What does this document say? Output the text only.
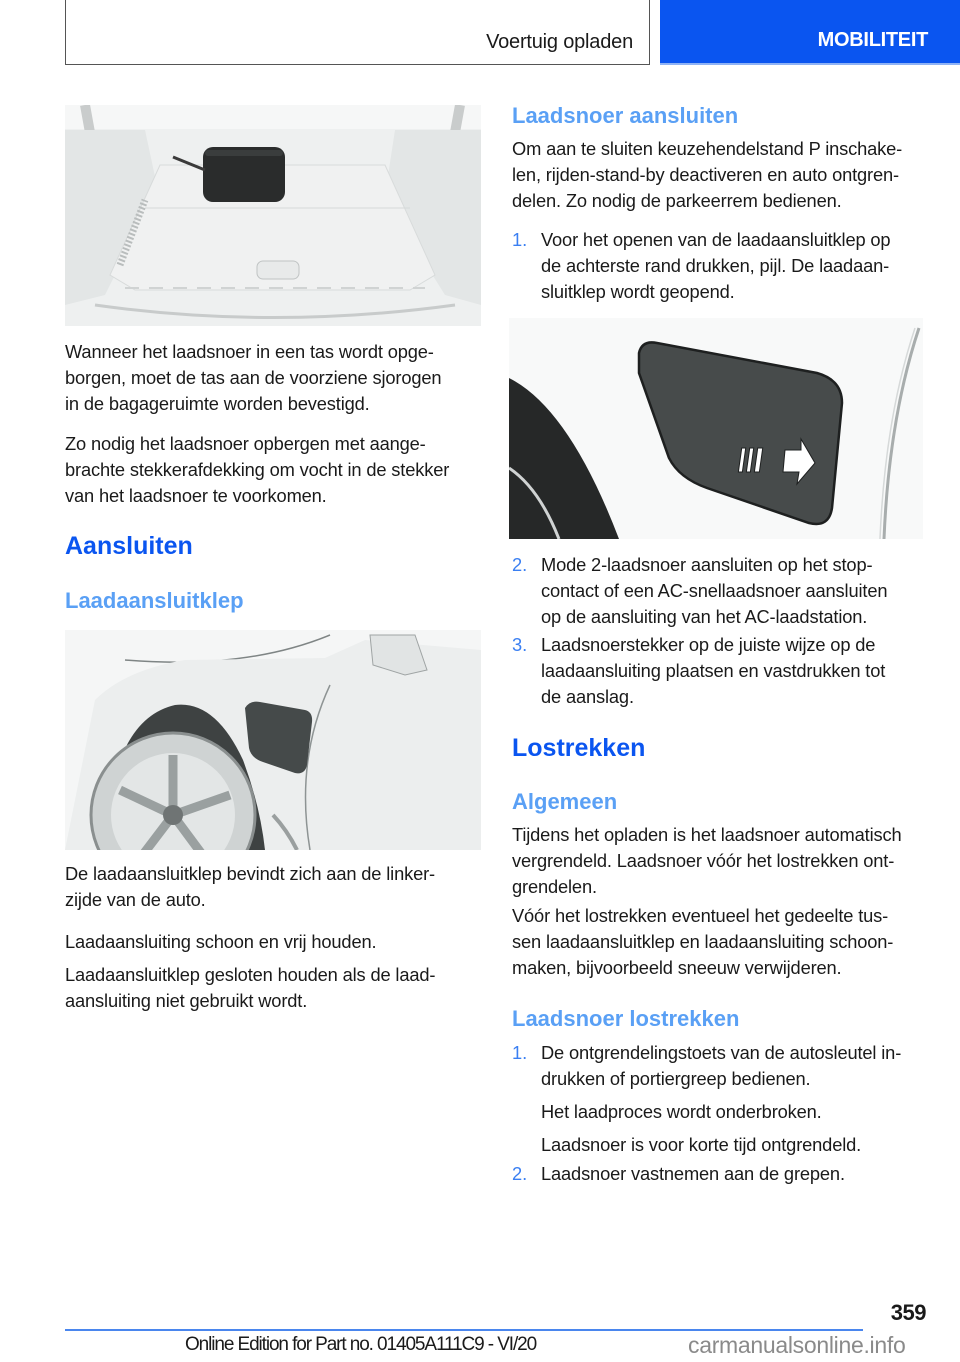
Voertuig opladen	MOBILITEIT
Wanneer het laadsnoer in een tas wordt opge-
borgen, moet de tas aan de voorziene sjorogen
in de bagageruimte worden bevestigd.
Zo nodig het laadsnoer opbergen met aange-
brachte stekkerafdekking om vocht in de stekker
van het laadsnoer te voorkomen.
Aansluiten
Laadaansluitklep
De laadaansluitklep bevindt zich aan de linker-
zijde van de auto.
Laadaansluiting schoon en vrij houden.
Laadaansluitklep gesloten houden als de laad-
aansluiting niet gebruikt wordt.
Laadsnoer aansluiten
Om aan te sluiten keuzehendelstand P inschake-
len, rijden-stand-by deactiveren en auto ontgren-
delen. Zo nodig de parkeerrem bedienen.
1. Voor het openen van de laadaansluitklep op
de achterste rand drukken, pijl. De laadaan-
sluitklep wordt geopend.
2. Mode 2-laadsnoer aansluiten op het stop-
contact of een AC-snellaadsnoer aansluiten
op de aansluiting van het AC-laadstation.
3. Laadsnoerstekker op de juiste wijze op de
laadaansluiting plaatsen en vastdrukken tot
de aanslag.
Lostrekken
Algemeen
Tijdens het opladen is het laadsnoer automatisch
vergrendeld. Laadsnoer vóór het lostrekken ont-
grendelen.
Vóór het lostrekken eventueel het gedeelte tus-
sen laadaansluitklep en laadaansluiting schoon-
maken, bijvoorbeeld sneeuw verwijderen.
Laadsnoer lostrekken
1. De ontgrendelingstoets van de autosleutel in-
drukken of portiergreep bedienen.
Het laadproces wordt onderbroken.
Laadsnoer is voor korte tijd ontgrendeld.
2. Laadsnoer vastnemen aan de grepen.
359
Online Edition for Part no. 01405A111C9 - VI/20	carmanualsonline.info
